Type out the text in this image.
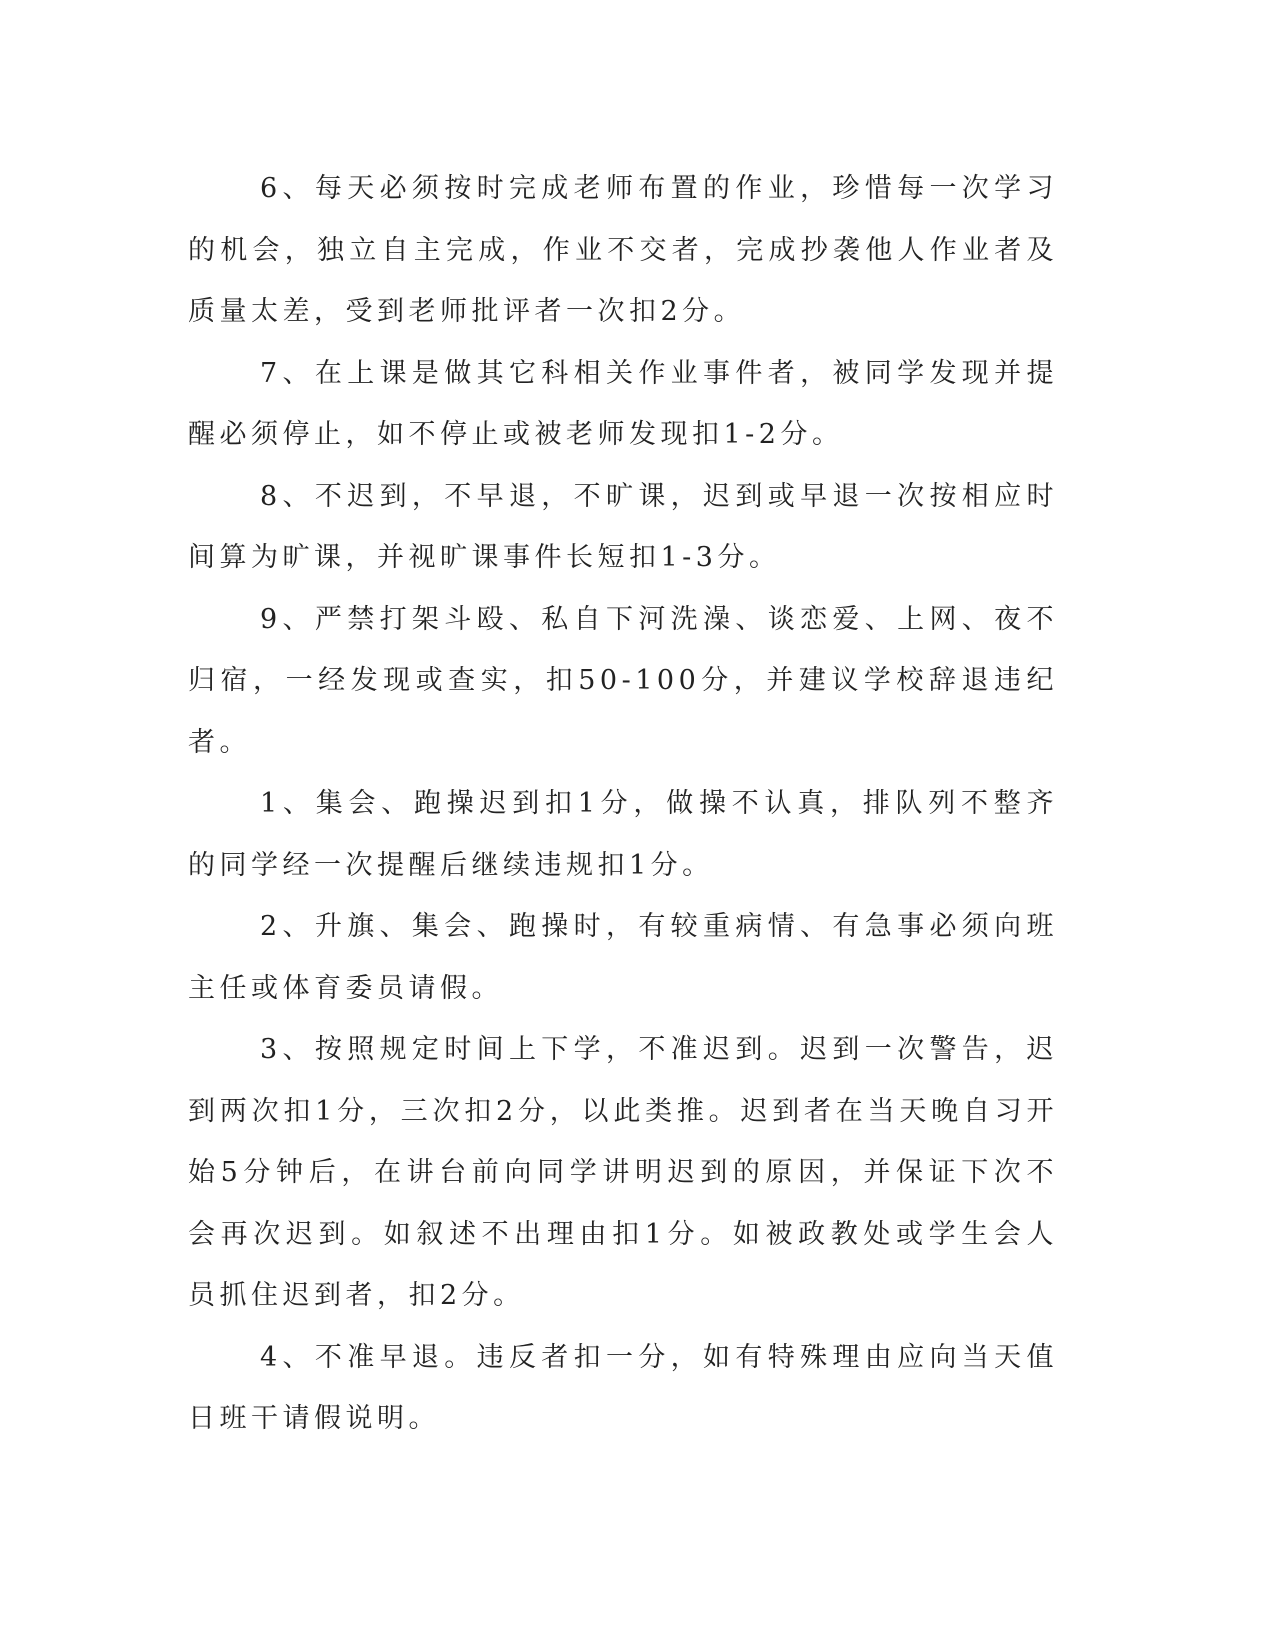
6、每天必须按时完成老师布置的作业，珍惜每一次学习的机会，独立自主完成，作业不交者，完成抄袭他人作业者及质量太差，受到老师批评者一次扣2分。

7、在上课是做其它科相关作业事件者，被同学发现并提醒必须停止，如不停止或被老师发现扣1-2分。

8、不迟到，不早退，不旷课，迟到或早退一次按相应时间算为旷课，并视旷课事件长短扣1-3分。

9、严禁打架斗殴、私自下河洗澡、谈恋爱、上网、夜不归宿，一经发现或查实，扣50-100分，并建议学校辞退违纪者。

1、集会、跑操迟到扣1分，做操不认真，排队列不整齐的同学经一次提醒后继续违规扣1分。

2、升旗、集会、跑操时，有较重病情、有急事必须向班主任或体育委员请假。

3、按照规定时间上下学，不准迟到。迟到一次警告，迟到两次扣1分，三次扣2分，以此类推。迟到者在当天晚自习开始5分钟后，在讲台前向同学讲明迟到的原因，并保证下次不会再次迟到。如叙述不出理由扣1分。如被政教处或学生会人员抓住迟到者，扣2分。

4、不准早退。违反者扣一分，如有特殊理由应向当天值日班干请假说明。
